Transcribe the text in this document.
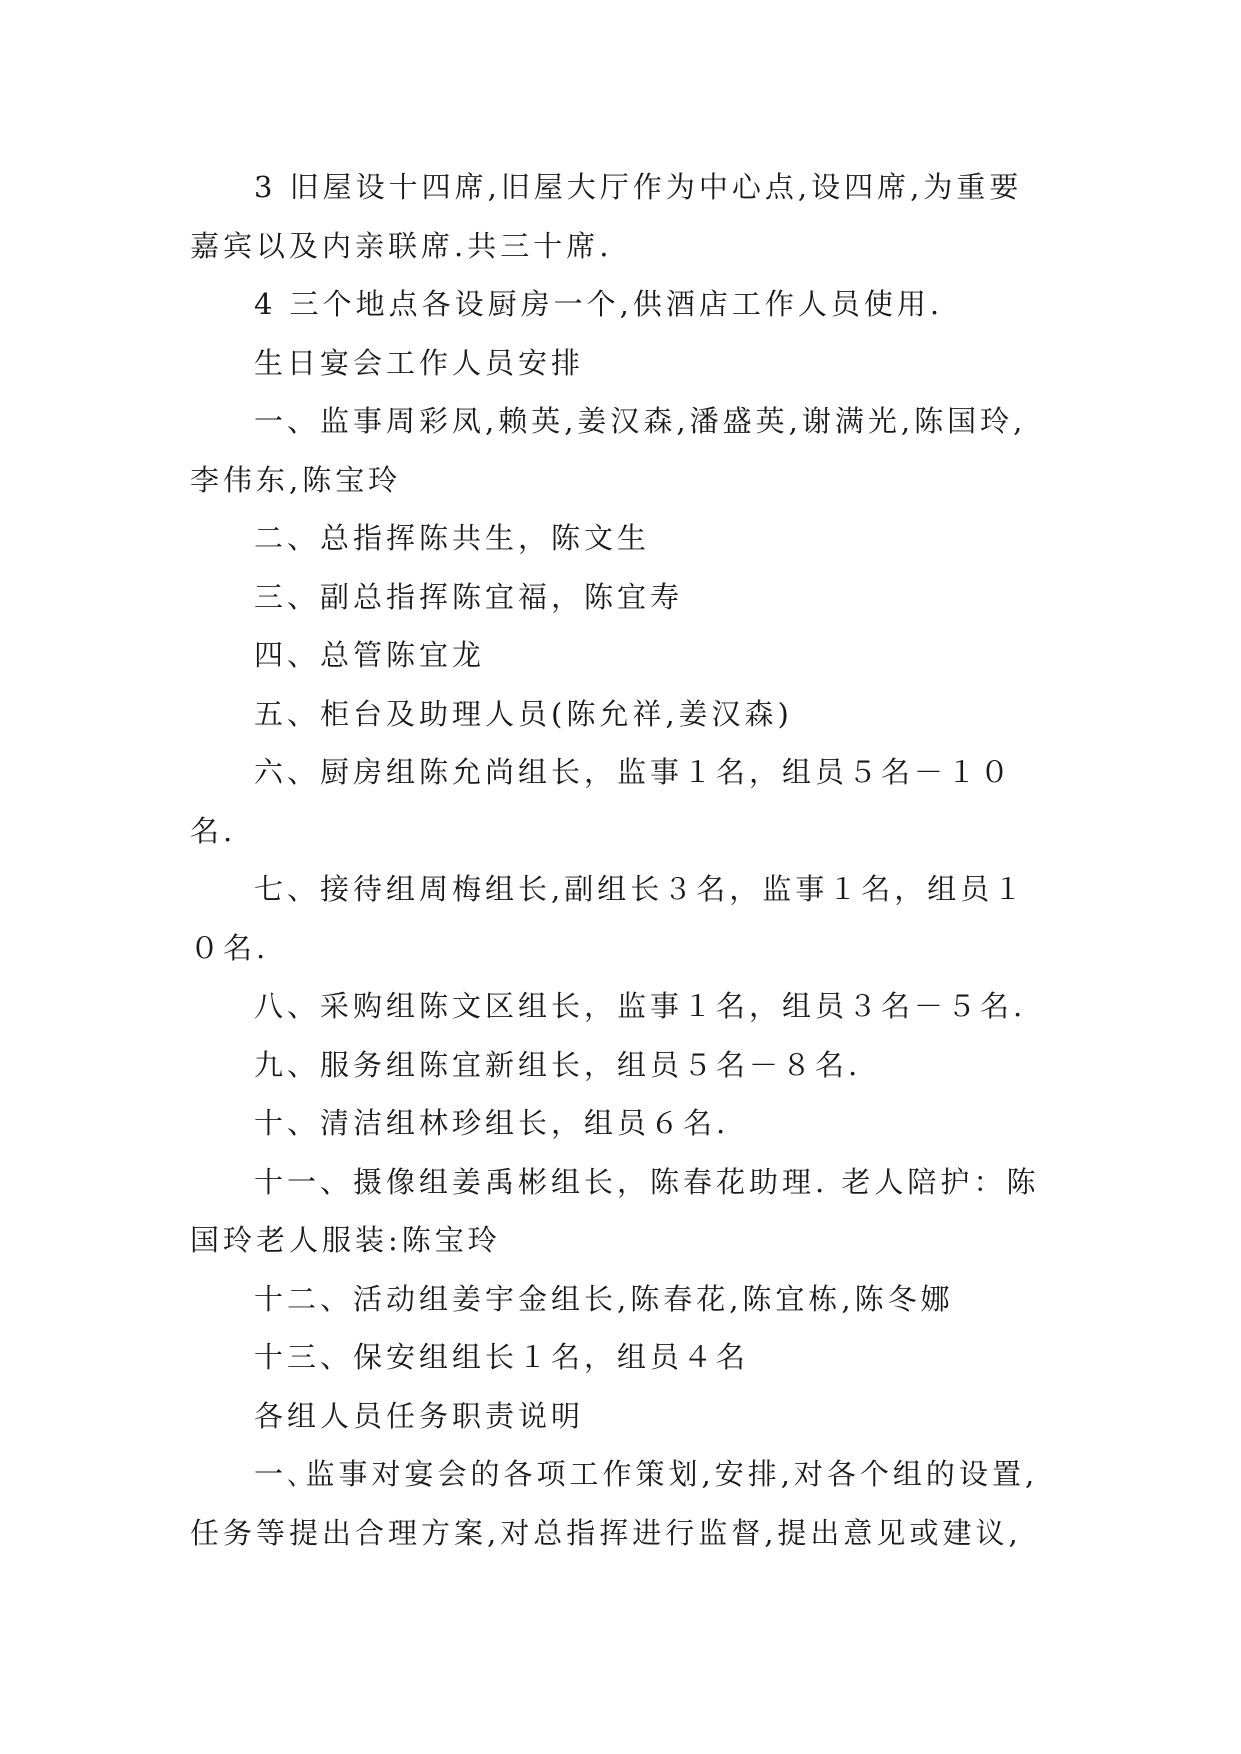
3 旧屋设十四席,旧屋大厅作为中心点,设四席,为重要
嘉宾以及内亲联席.共三十席.
4 三个地点各设厨房一个,供酒店工作人员使用.
生日宴会工作人员安排
一、监事周彩凤,赖英,姜汉森,潘盛英,谢满光,陈国玲,
李伟东,陈宝玲
二、总指挥陈共生，陈文生
三、副总指挥陈宜福，陈宜寿
四、总管陈宜龙
五、柜台及助理人员(陈允祥,姜汉森)
六、厨房组陈允尚组长，监事１名，组员５名－１０
名.
七、接待组周梅组长,副组长３名，监事１名，组员１
０名.
八、采购组陈文区组长，监事１名，组员３名－５名.
九、服务组陈宜新组长，组员５名－８名.
十、清洁组林珍组长，组员６名.
十一、摄像组姜禹彬组长，陈春花助理. 老人陪护：陈
国玲老人服装:陈宝玲
十二、活动组姜宇金组长,陈春花,陈宜栋,陈冬娜
十三、保安组组长１名，组员４名
各组人员任务职责说明
一､监事对宴会的各项工作策划,安排,对各个组的设置,
任务等提出合理方案,对总指挥进行监督,提出意见或建议,
